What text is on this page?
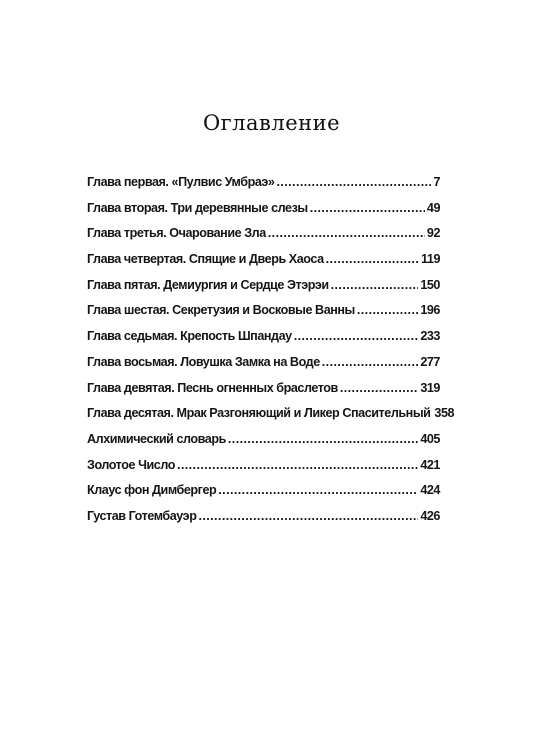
Оглавление
Глава первая. «Пулвис Умбраэ» .....	7
Глава вторая. Три деревянные слезы .....	49
Глава третья. Очарование Зла .....	92
Глава четвертая. Спящие и Дверь Хаоса .....	119
Глава пятая. Демиургия и Сердце Этэрэи .....	150
Глава шестая. Секретузия и Восковые Ванны .....	196
Глава седьмая. Крепость Шпандау .....	233
Глава восьмая. Ловушка Замка на Воде .....	277
Глава девятая. Песнь огненных браслетов .....	319
Глава десятая. Мрак Разгоняющий и Ликер Спасительный 358
Алхимический словарь .....	405
Золотое Число .....	421
Клаус фон Димбергер .....	424
Густав Готембауэр .....	426
